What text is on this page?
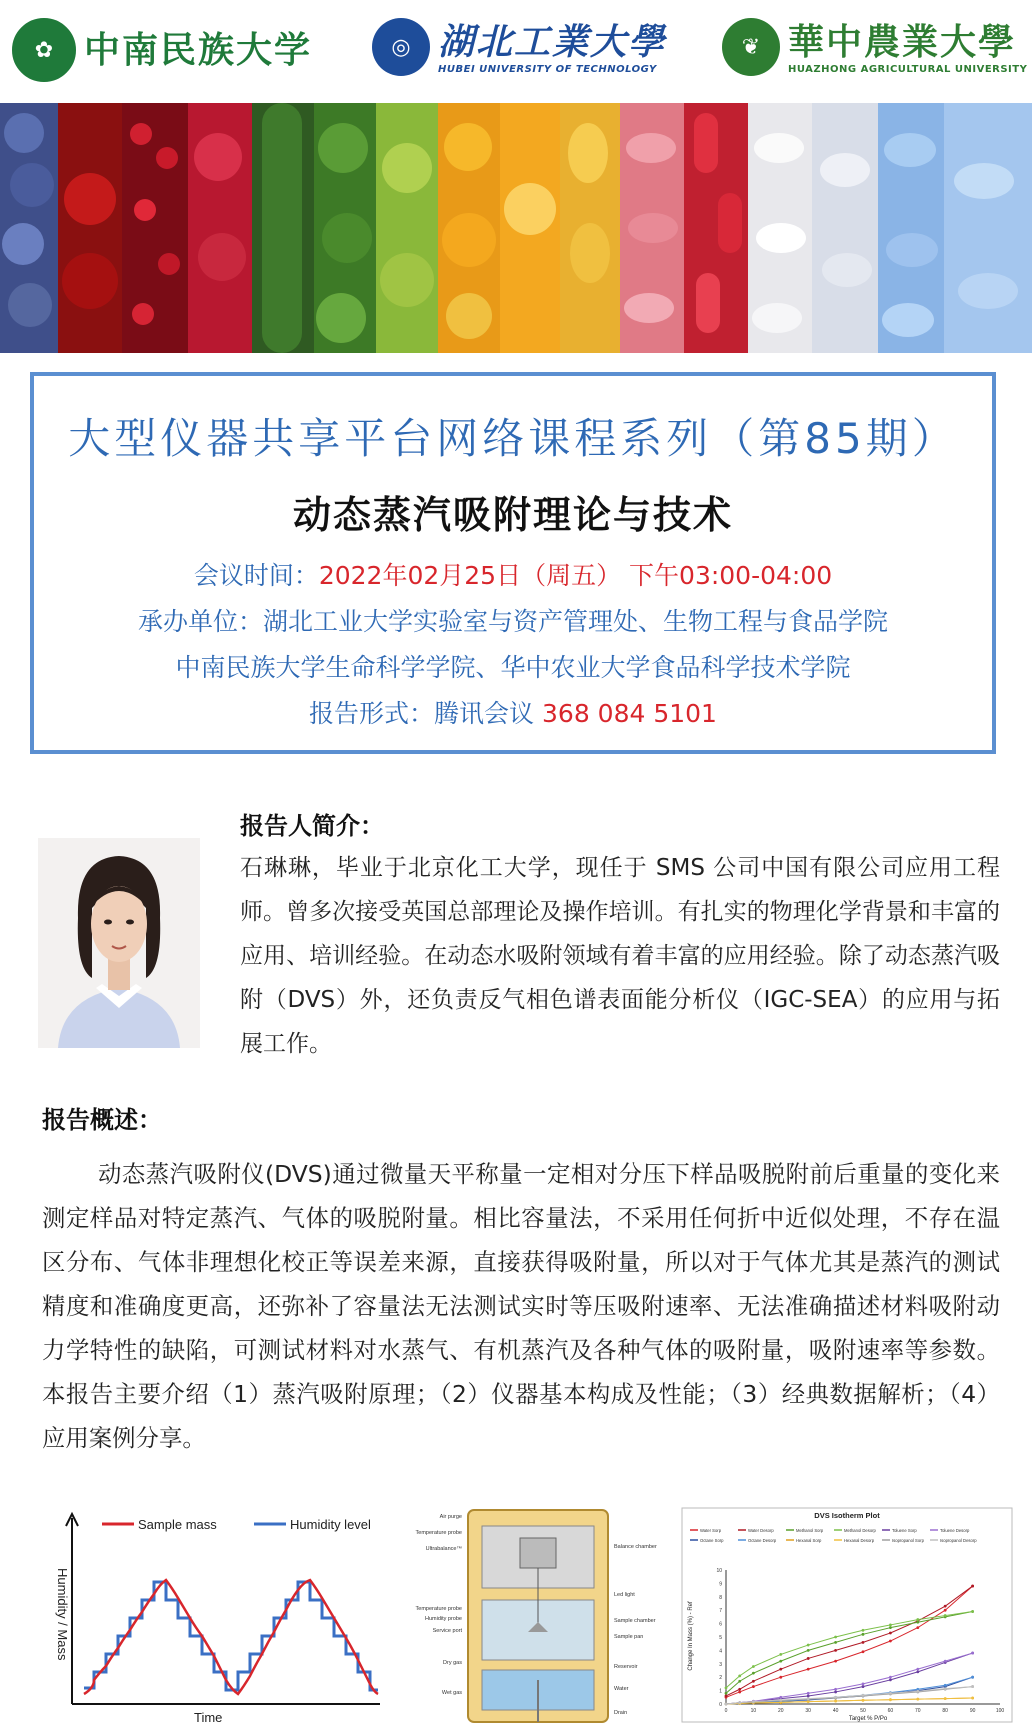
✿ 中南民族大学	◎ 湖北工業大學
HUBEI UNIVERSITY OF TECHNOLOGY
❦ 華中農業大學
HUAZHONG AGRICULTURAL UNIVERSITY
大型仪器共享平台网络课程系列（第85期）
动态蒸汽吸附理论与技术
会议时间：2022年02月25日（周五） 下午03:00-04:00
承办单位：湖北工业大学实验室与资产管理处、生物工程与食品学院
中南民族大学生命科学学院、华中农业大学食品科学技术学院
报告形式：腾讯会议 368 084 5101
报告人简介：
石琳琳，毕业于北京化工大学，现任于 SMS 公司中国有限公司应用工程师。曾多次接受英国总部理论及操作培训。有扎实的物理化学背景和丰富的应用、培训经验。在动态水吸附领域有着丰富的应用经验。除了动态蒸汽吸附（DVS）外，还负责反气相色谱表面能分析仪（IGC-SEA）的应用与拓展工作。
报告概述：
动态蒸汽吸附仪(DVS)通过微量天平称量一定相对分压下样品吸脱附前后重量的变化来测定样品对特定蒸汽、气体的吸脱附量。相比容量法，不采用任何折中近似处理，不存在温区分布、气体非理想化校正等误差来源，直接获得吸附量，所以对于气体尤其是蒸汽的测试精度和准确度更高，还弥补了容量法无法测试实时等压吸附速率、无法准确描述材料吸附动力学特性的缺陷，可测试材料对水蒸气、有机蒸汽及各种气体的吸附量，吸附速率等参数。本报告主要介绍（1）蒸汽吸附原理；（2）仪器基本构成及性能；（3）经典数据解析；（4）应用案例分享。
Sample mass	Humidity level
Time
Humidity / Mass
Air purge
Temperature probe
Ultrabalance™
Temperature probe
Humidity probe
Service port
Dry gas
Wet gas
Balance chamber
Led light
Sample chamber
Sample pan
Reservoir
Water
Drain
DVS Isotherm Plot
Water Sorp	Water Desorp	Methanol Sorp	Methanol Desorp	Toluene Sorp	Toluene Desorp
Octane Sorp	Octane Desorp	Hexanal Sorp	Hexanal Desorp	Isopropanol Sorp	Isopropanol Desorp
0	10	20	30	40	50	60	70	80	90	100
0
1
2
3
4
5
6
7
8
9
10
Target % P/Po
Change In Mass (%) - Ref
